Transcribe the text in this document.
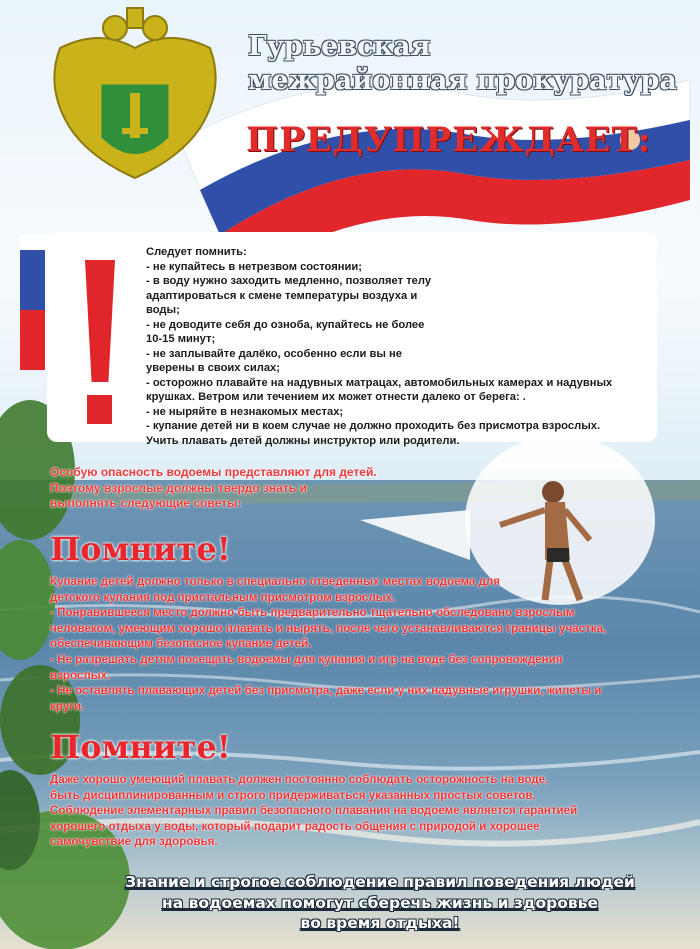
Гурьевская
межрайонная прокуратура
ПРЕДУПРЕЖДАЕТ:
Следует помнить:
- не купайтесь в нетрезвом состоянии;
- в воду нужно заходить медленно, позволяет телу
адаптироваться к смене температуры воздуха и
воды;
- не доводите себя до озноба, купайтесь не более
10-15 минут;
- не заплывайте далёко, особенно если вы не
уверены в своих силах;
- осторожно плавайте на надувных матрацах, автомобильных камерах и надувных
крушках. Ветром или течением их может отнести далеко от берега: .
- не ныряйте в незнакомых местах;
- купание детей ни в коем случае не должно проходить без присмотра взрослых.
Учить плавать детей должны инструктор или родители.
Особую опасность водоемы представляют для детей.
Поэтому взрослые должны твердо знать и
выполнять следующие советы:
Помните!
Купание детей должно только в специально отведенных местах водоема для
детского купания под пристальным присмотром взрослых.
- Понравившееся место должно быть предварительно тщательно обследовано взрослым
человеком, умеющим хорошо плавать и нырять, после чего устанавливаются границы участка,
обеспечивающим безопасное купание детей.
- Не разрешать детям посещать водоемы для купания и игр на воде без сопровождения
взрослых.
- Не оставлять плавающих детей без присмотра, даже если у них надувные игрушки, жилеты и
круги.
Помните!
Даже хорошо умеющий плавать должен постоянно соблюдать осторожность на воде,
быть дисциплинированным и строго придерживаться указанных простых советов.
Соблюдение элементарных правил безопасного плавания на водоеме является гарантией
хорошего отдыха у воды, который подарит радость общения с природой и хорошее
самочувствие для здоровья.
Знание и строгое соблюдение правил поведения людей
на водоемах помогут сберечь жизнь и здоровье
во время отдыха!
